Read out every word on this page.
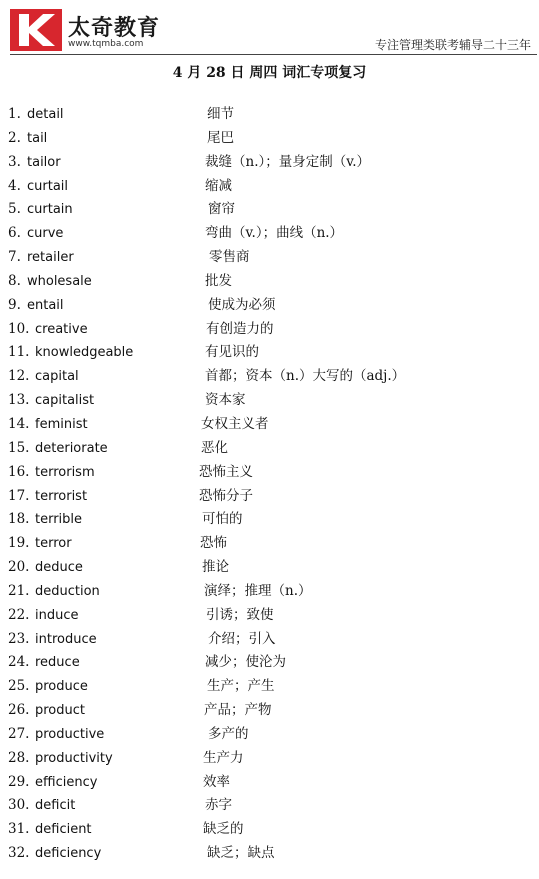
太奇教育
www.tqmba.com	专注管理类联考辅导二十三年
4 月 28 日 周四 词汇专项复习
1. detail	细节
2. tail	尾巴
3. tailor	裁缝（n.）；量身定制（v.）
4. curtail	缩减
5. curtain	窗帘
6. curve	弯曲（v.）；曲线（n.）
7. retailer	零售商
8. wholesale	批发
9. entail	使成为必须
10. creative	有创造力的
11. knowledgeable	有见识的
12. capital	首都；资本（n.）大写的（adj.）
13. capitalist	资本家
14. feminist	女权主义者
15. deteriorate	恶化
16. terrorism	恐怖主义
17. terrorist	恐怖分子
18. terrible	可怕的
19. terror	恐怖
20. deduce	推论
21. deduction	演绎；推理（n.）
22. induce	引诱；致使
23. introduce	介绍；引入
24. reduce	减少；使沦为
25. produce	生产；产生
26. product	产品；产物
27. productive	多产的
28. productivity	生产力
29. efficiency	效率
30. deficit	赤字
31. deficient	缺乏的
32. deficiency	缺乏；缺点
